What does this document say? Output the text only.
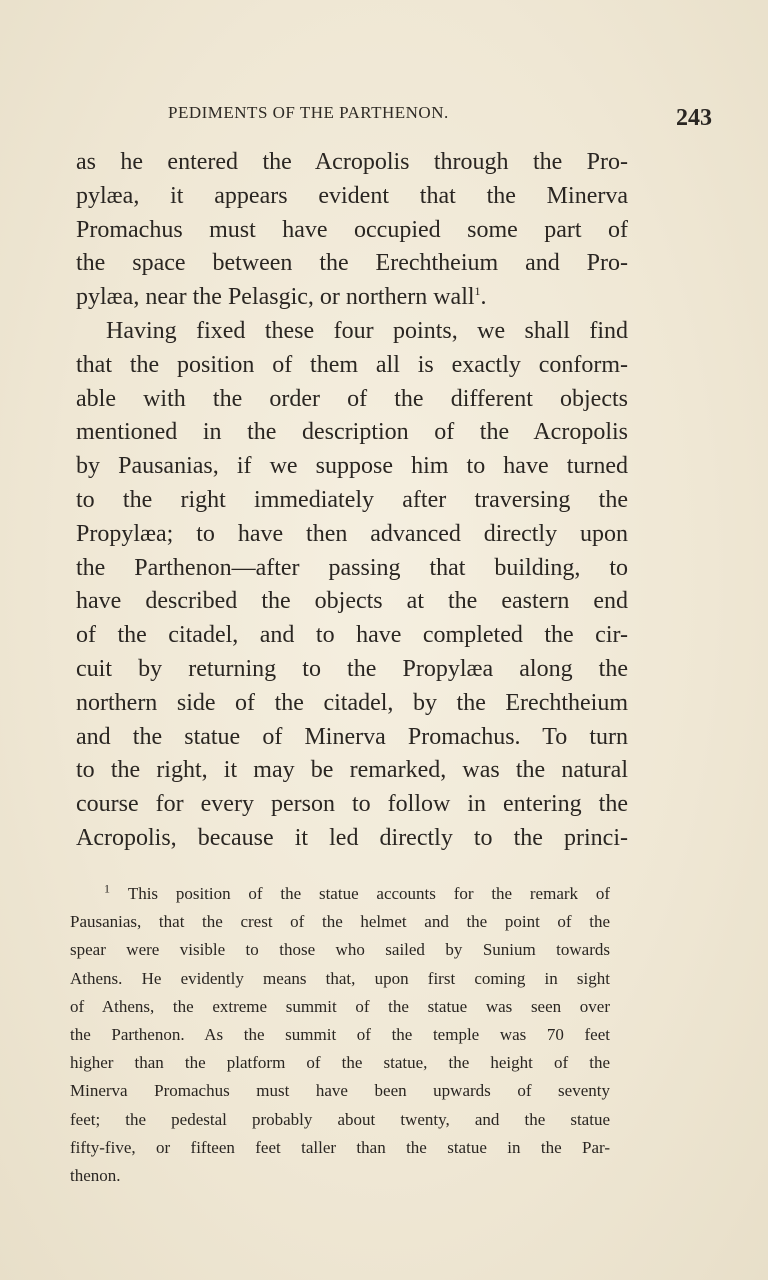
PEDIMENTS OF THE PARTHENON.	243
as he entered the Acropolis through the Pro-
pylæa, it appears evident that the Minerva
Promachus must have occupied some part of
the space between the Erechtheium and Pro-
pylæa, near the Pelasgic, or northern wall$^1$.
Having fixed these four points, we shall find
that the position of them all is exactly conform-
able with the order of the different objects
mentioned in the description of the Acropolis
by Pausanias, if we suppose him to have turned
to the right immediately after traversing the
Propylæa; to have then advanced directly upon
the Parthenon—after passing that building, to
have described the objects at the eastern end
of the citadel, and to have completed the cir-
cuit by returning to the Propylæa along the
northern side of the citadel, by the Erechtheium
and the statue of Minerva Promachus. To turn
to the right, it may be remarked, was the natural
course for every person to follow in entering the
Acropolis, because it led directly to the princi-
$^1$ This position of the statue accounts for the remark of
Pausanias, that the crest of the helmet and the point of the
spear were visible to those who sailed by Sunium towards
Athens. He evidently means that, upon first coming in sight
of Athens, the extreme summit of the statue was seen over
the Parthenon. As the summit of the temple was 70 feet
higher than the platform of the statue, the height of the
Minerva Promachus must have been upwards of seventy
feet; the pedestal probably about twenty, and the statue
fifty-five, or fifteen feet taller than the statue in the Par-
thenon.
